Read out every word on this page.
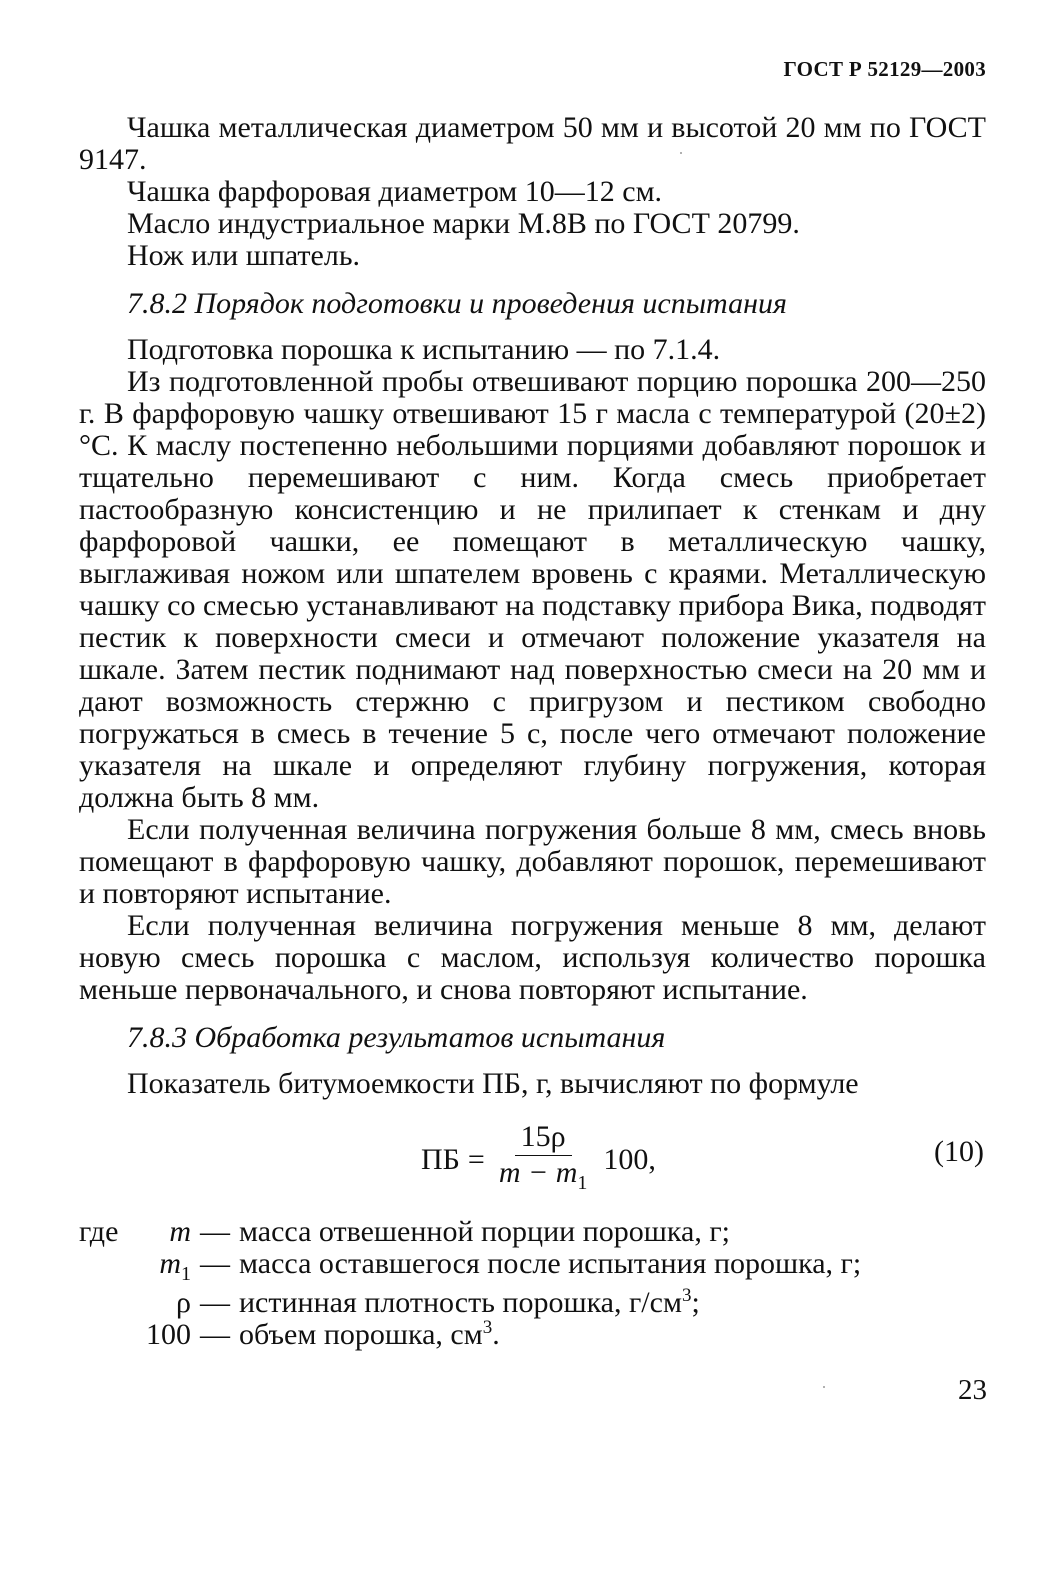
ГОСТ Р 52129—2003

Чашка металлическая диаметром 50 мм и высотой 20 мм по ГОСТ 9147.

Чашка фарфоровая диаметром 10—12 см.

Масло индустриальное марки М.8В по ГОСТ 20799.

Нож или шпатель.

7.8.2 Порядок подготовки и проведения испытания

Подготовка порошка к испытанию — по 7.1.4.

Из подготовленной пробы отвешивают порцию порошка 200—250 г. В фарфоровую чашку отвешивают 15 г масла с температурой (20±2) °С. К маслу постепенно небольшими порциями добавляют порошок и тщательно перемешивают с ним. Когда смесь приобретает пастообразную консистенцию и не прилипает к стенкам и дну фарфоровой чашки, ее помещают в металлическую чашку, выглаживая ножом или шпателем вровень с краями. Металлическую чашку со смесью устанавливают на подставку прибора Вика, подводят пестик к поверхности смеси и отмечают положение указателя на шкале. Затем пестик поднимают над поверхностью смеси на 20 мм и дают возможность стержню с пригрузом и пестиком свободно погружаться в смесь в течение 5 с, после чего отмечают положение указателя на шкале и определяют глубину погружения, которая должна быть 8 мм.

Если полученная величина погружения больше 8 мм, смесь вновь помещают в фарфоровую чашку, добавляют порошок, перемешивают и повторяют испытание.

Если полученная величина погружения меньше 8 мм, делают новую смесь порошка с маслом, используя количество порошка меньше первоначального, и снова повторяют испытание.

7.8.3 Обработка результатов испытания

Показатель битумоемкости ПБ, г, вычисляют по формуле

ПБ = $\frac{15\rho}{m - m_1} 100$,	(10)
где	m — масса отвешенной порции порошка, г;
$m_1$ — масса оставшегося после испытания порошка, г;
ρ — истинная плотность порошка, $г/см^3$;
100 — объем порошка, $см^3$.
23
